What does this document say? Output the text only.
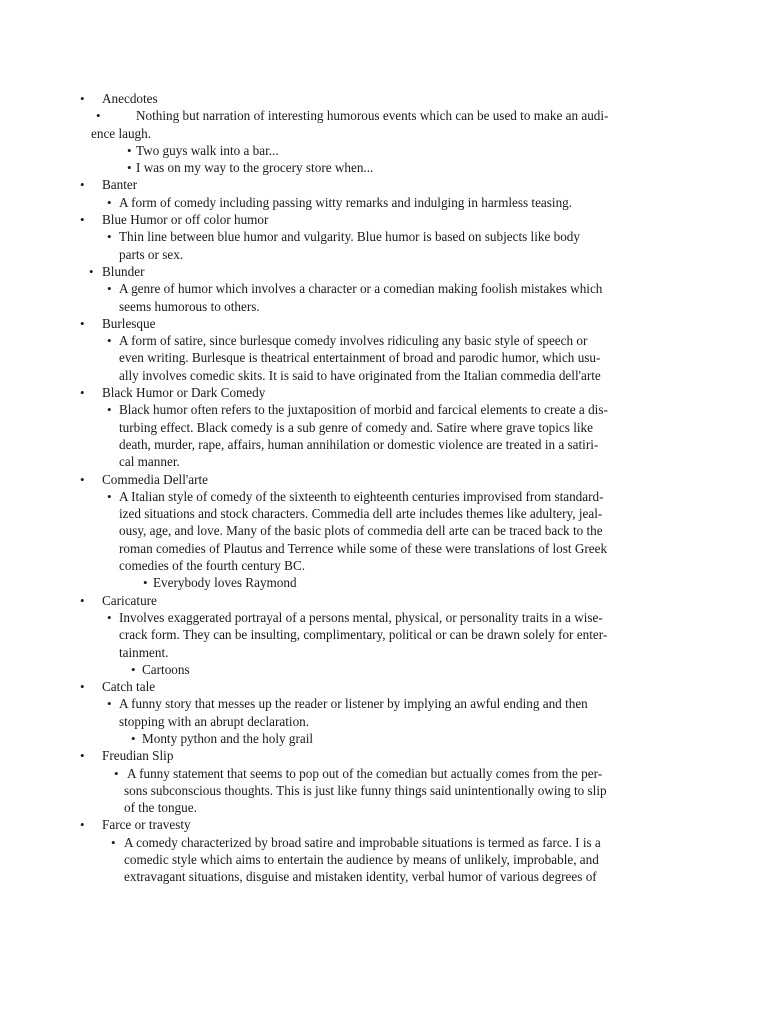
• Anecdotes
•	Nothing but narration of interesting humorous events which can be used to make an audi-
ence laugh.
• Two guys walk into a bar...
• I was on my way to the grocery store when...
• Banter
• A form of comedy including passing witty remarks and indulging in harmless teasing.
• Blue Humor or off color humor
• Thin line between blue humor and vulgarity. Blue humor is based on subjects like body
parts or sex.
• Blunder
• A genre of humor which involves a character or a comedian making foolish mistakes which
seems humorous to others.
• Burlesque
• A form of satire, since burlesque comedy involves ridiculing any basic style of speech or
even writing. Burlesque is theatrical entertainment of broad and parodic humor, which usu-
ally involves comedic skits. It is said to have originated from the Italian commedia dell'arte
• Black Humor or Dark Comedy
• Black humor often refers to the juxtaposition of morbid and farcical elements to create a dis-
turbing effect. Black comedy is a sub genre of comedy and. Satire where grave topics like
death, murder, rape, affairs, human annihilation or domestic violence are treated in a satiri-
cal manner.
• Commedia Dell'arte
• A Italian style of comedy of the sixteenth to eighteenth centuries improvised from standard-
ized situations and stock characters. Commedia dell arte includes themes like adultery, jeal-
ousy, age, and love. Many of the basic plots of commedia dell arte can be traced back to the
roman comedies of Plautus and Terrence while some of these were translations of lost Greek
comedies of the fourth century BC.
• Everybody loves Raymond
• Caricature
• Involves exaggerated portrayal of a persons mental, physical, or personality traits in a wise-
crack form. They can be insulting, complimentary, political or can be drawn solely for enter-
tainment.
• Cartoons
• Catch tale
• A funny story that messes up the reader or listener by implying an awful ending and then
stopping with an abrupt declaration.
• Monty python and the holy grail
• Freudian Slip
• A funny statement that seems to pop out of the comedian but actually comes from the per-
sons subconscious thoughts. This is just like funny things said unintentionally owing to slip
of the tongue.
• Farce or travesty
• A comedy characterized by broad satire and improbable situations is termed as farce. I is a
comedic style which aims to entertain the audience by means of unlikely, improbable, and
extravagant situations, disguise and mistaken identity, verbal humor of various degrees of
